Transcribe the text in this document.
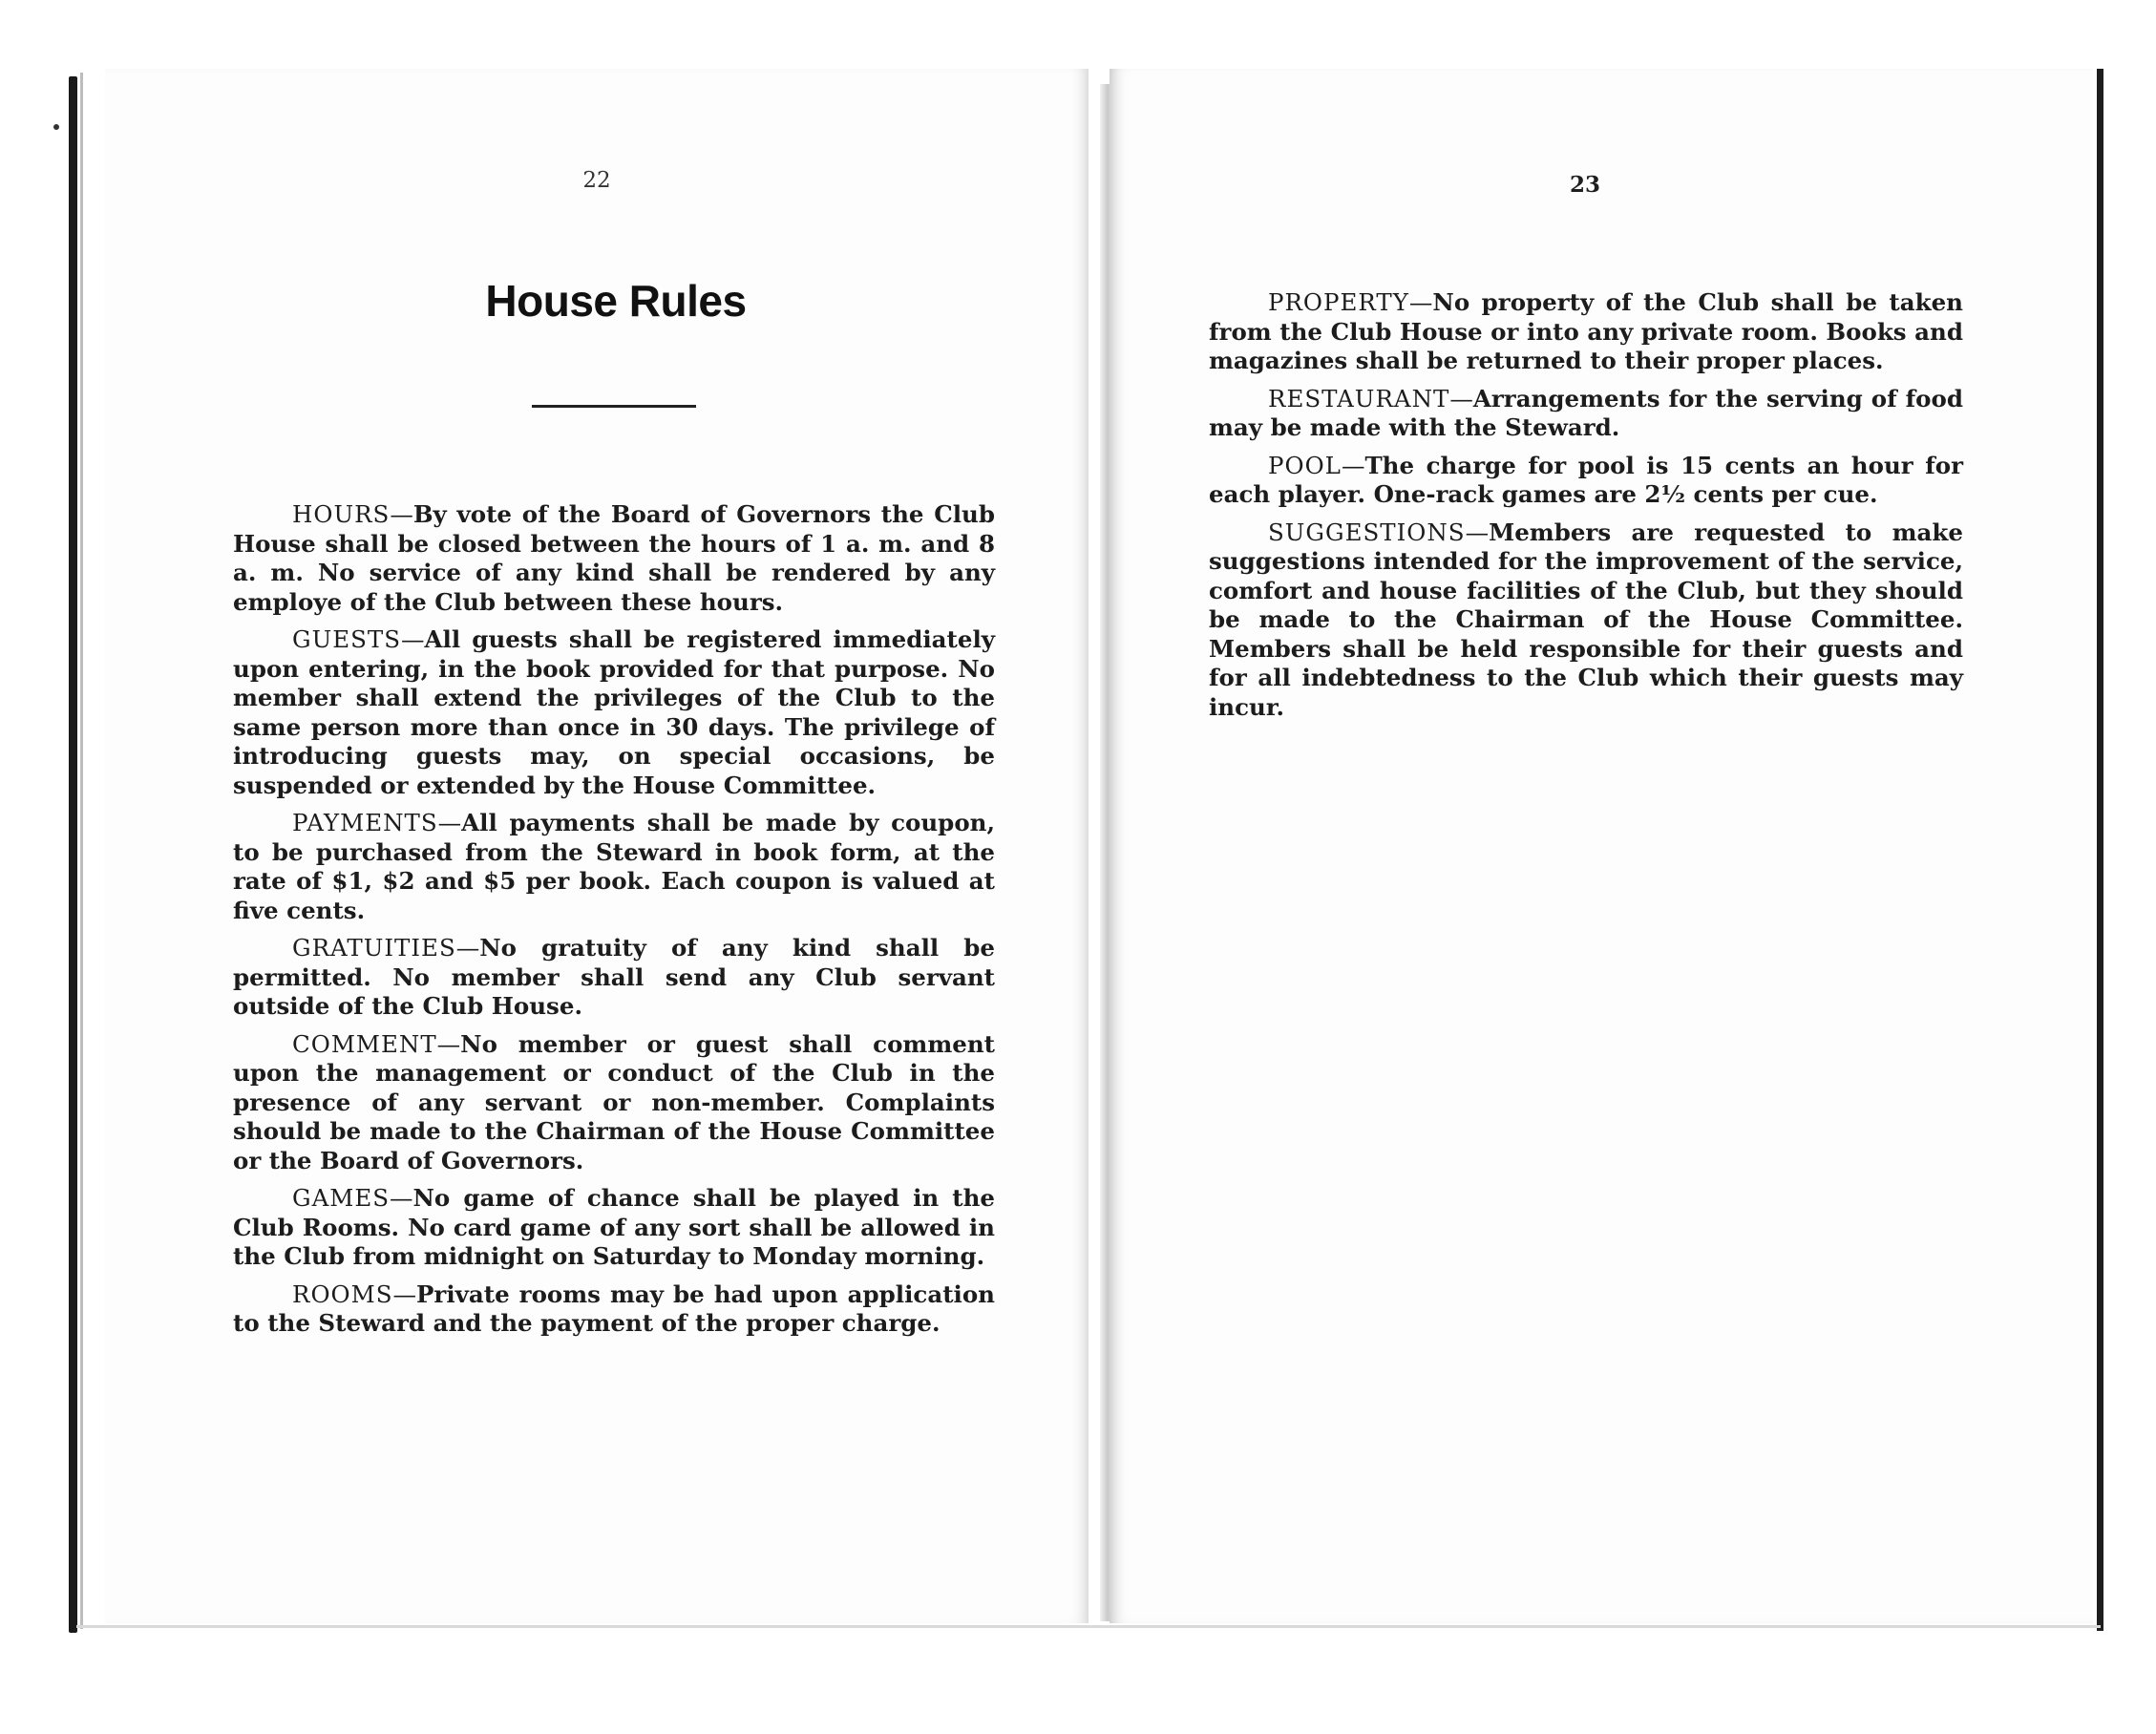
22
House Rules

HOURS—By vote of the Board of Governors the Club House shall be closed between the hours of 1 a. m. and 8 a. m. No service of any kind shall be rendered by any employe of the Club between these hours.

GUESTS—All guests shall be registered immediately upon entering, in the book provided for that purpose. No member shall extend the privileges of the Club to the same person more than once in 30 days. The privilege of introducing guests may, on special occasions, be suspended or extended by the House Committee.

PAYMENTS—All payments shall be made by coupon, to be purchased from the Steward in book form, at the rate of $1, $2 and $5 per book. Each coupon is valued at five cents.

GRATUITIES—No gratuity of any kind shall be permitted. No member shall send any Club servant outside of the Club House.

COMMENT—No member or guest shall comment upon the management or conduct of the Club in the presence of any servant or non-member. Complaints should be made to the Chairman of the House Committee or the Board of Governors.

GAMES—No game of chance shall be played in the Club Rooms. No card game of any sort shall be allowed in the Club from midnight on Saturday to Monday morning.

ROOMS—Private rooms may be had upon application to the Steward and the payment of the proper charge.

23

PROPERTY—No property of the Club shall be taken from the Club House or into any private room. Books and magazines shall be returned to their proper places.

RESTAURANT—Arrangements for the serving of food may be made with the Steward.

POOL—The charge for pool is 15 cents an hour for each player. One-rack games are 2½ cents per cue.

SUGGESTIONS—Members are requested to make suggestions intended for the improvement of the service, comfort and house facilities of the Club, but they should be made to the Chairman of the House Committee. Members shall be held responsible for their guests and for all indebtedness to the Club which their guests may incur.
